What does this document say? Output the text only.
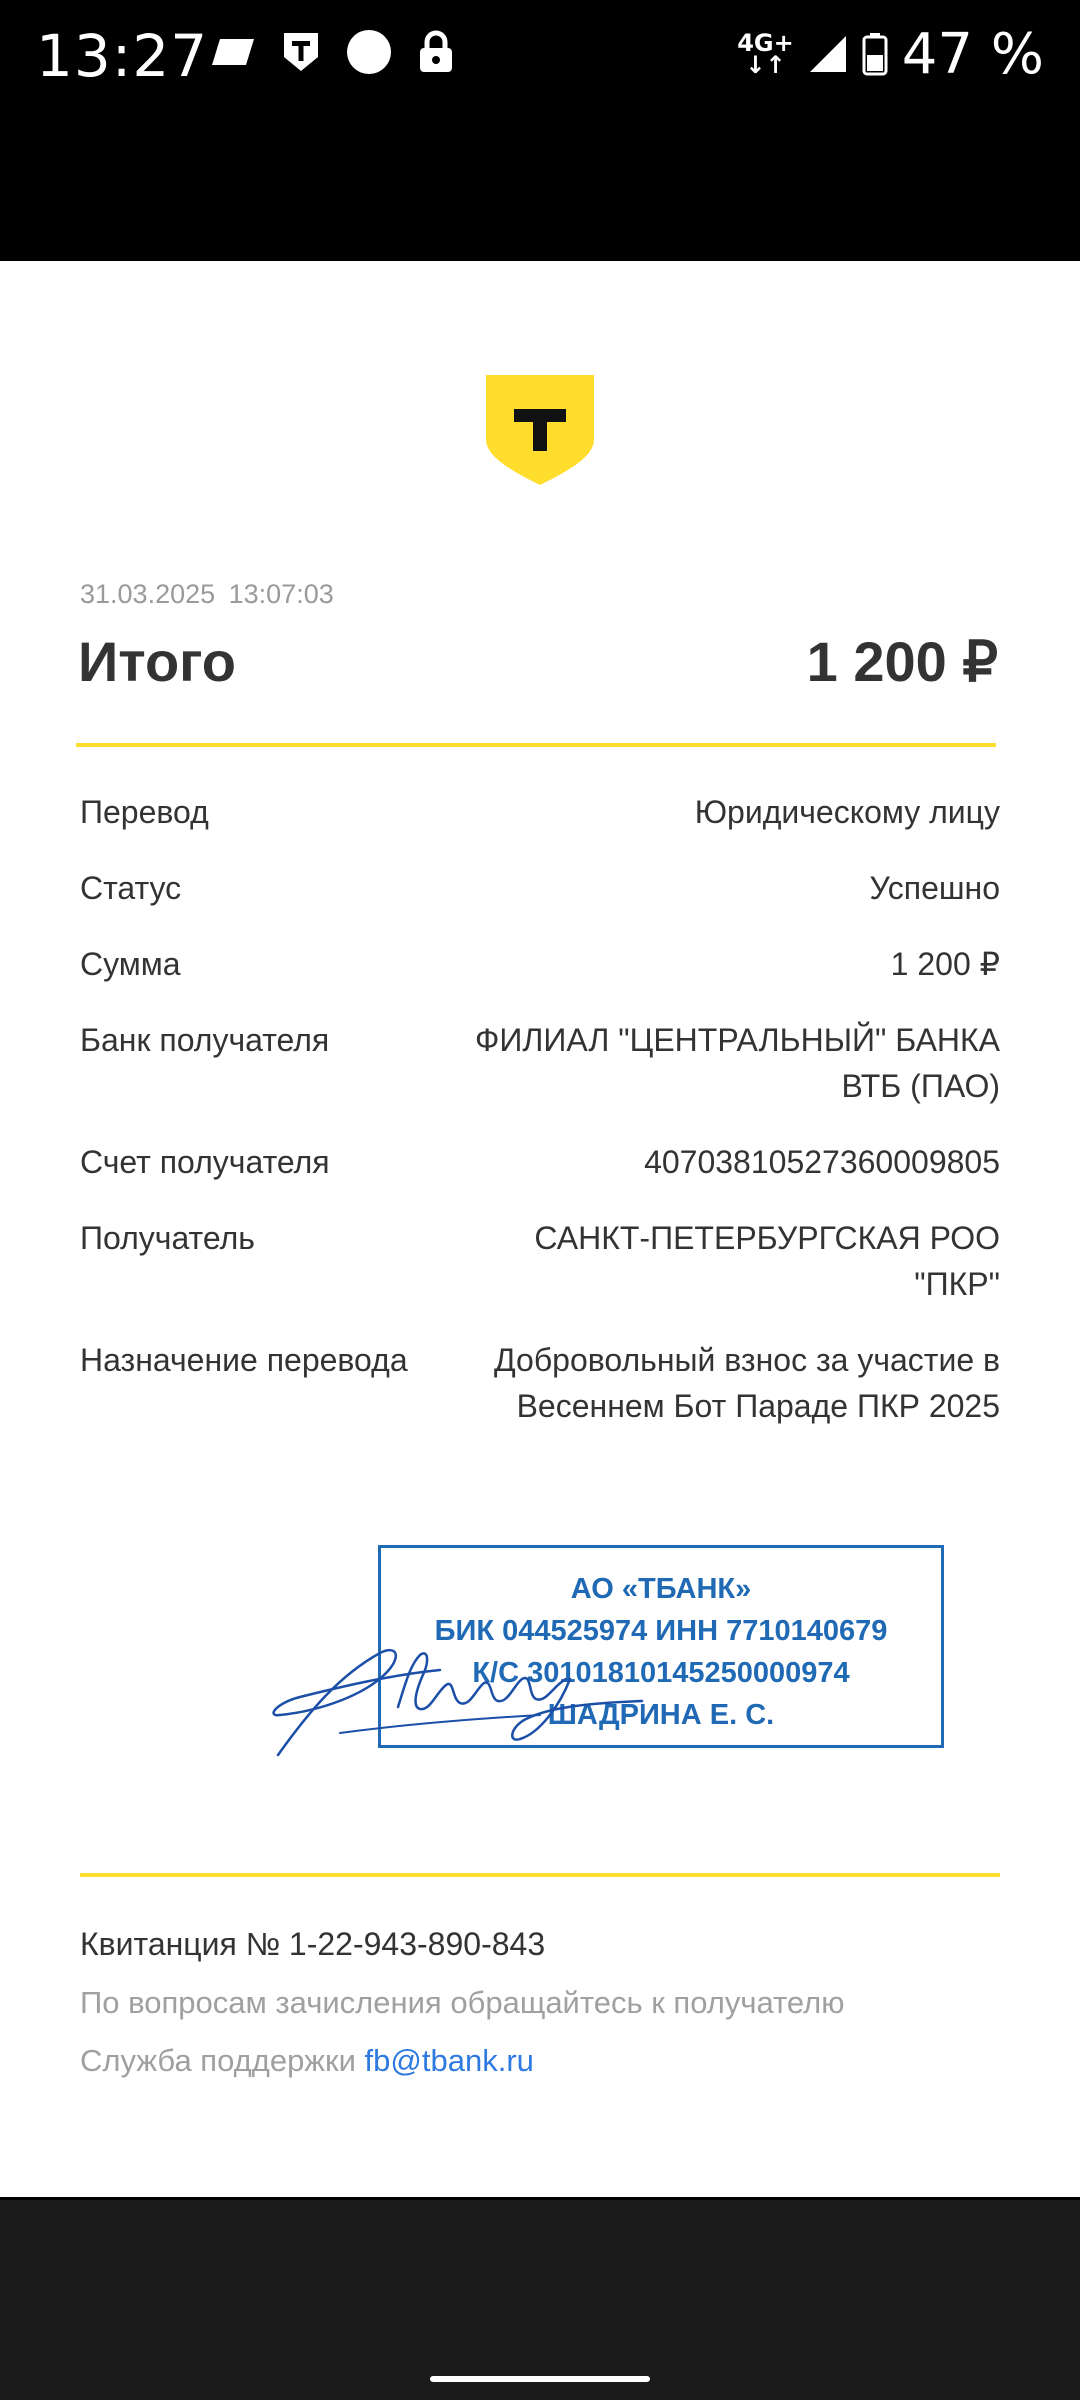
13:27	4G+
↓↑ 47 %
31.03.2025 13:07:03
Итого	1 200 ₽
Перевод	Юридическому лицу
Статус	Успешно
Сумма	1 200 ₽
Банк получателя	ФИЛИАЛ "ЦЕНТРАЛЬНЫЙ" БАНКА ВТБ (ПАО)
Счет получателя	40703810527360009805
Получатель	САНКТ-ПЕТЕРБУРГСКАЯ РОО "ПКР"
Назначение перевода	Добровольный взнос за участие в Весеннем Бот Параде ПКР 2025
АО «ТБАНК»
БИК 044525974 ИНН 7710140679
К/С 30101810145250000974
ШАДРИНА Е. С.
Квитанция № 1-22-943-890-843
По вопросам зачисления обращайтесь к получателю
Служба поддержки fb@tbank.ru
